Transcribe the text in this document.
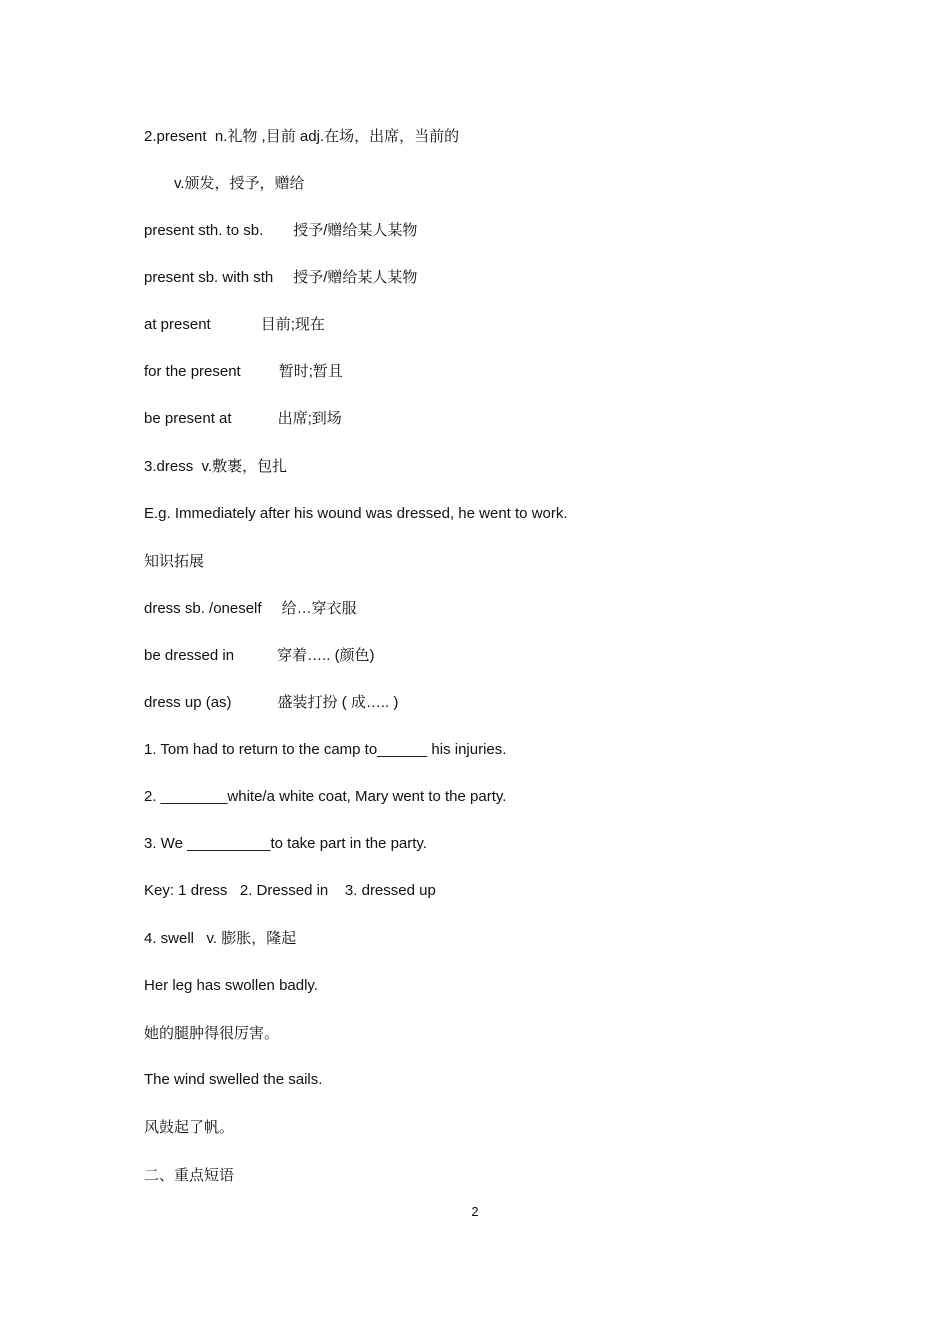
2.present  n.礼物 ,目前 adj.在场，出席，当前的
v.颁发，授予，赠给
present sth. to sb. 授予/赠给某人某物
present sb. with sth 授予/赠给某人某物
at present	目前;现在
for the present	暂时;暂且
be present at	出席;到场
3.dress  v.敷裹，包扎
E.g. Immediately after his wound was dressed, he went to work.
知识拓展
dress sb. /oneself 给…穿衣服
be dressed in	穿着….. (颜色)
dress up (as)	盛装打扮 ( 成….. )
1. Tom had to return to the camp to______ his injuries.
2. ________white/a white coat, Mary went to the party.
3. We __________to take part in the party.
Key: 1 dress   2. Dressed in    3. dressed up
4. swell   v. 膨胀，隆起
Her leg has swollen badly.
她的腿肿得很厉害。
The wind swelled the sails.
风鼓起了帆。
二、重点短语
2
